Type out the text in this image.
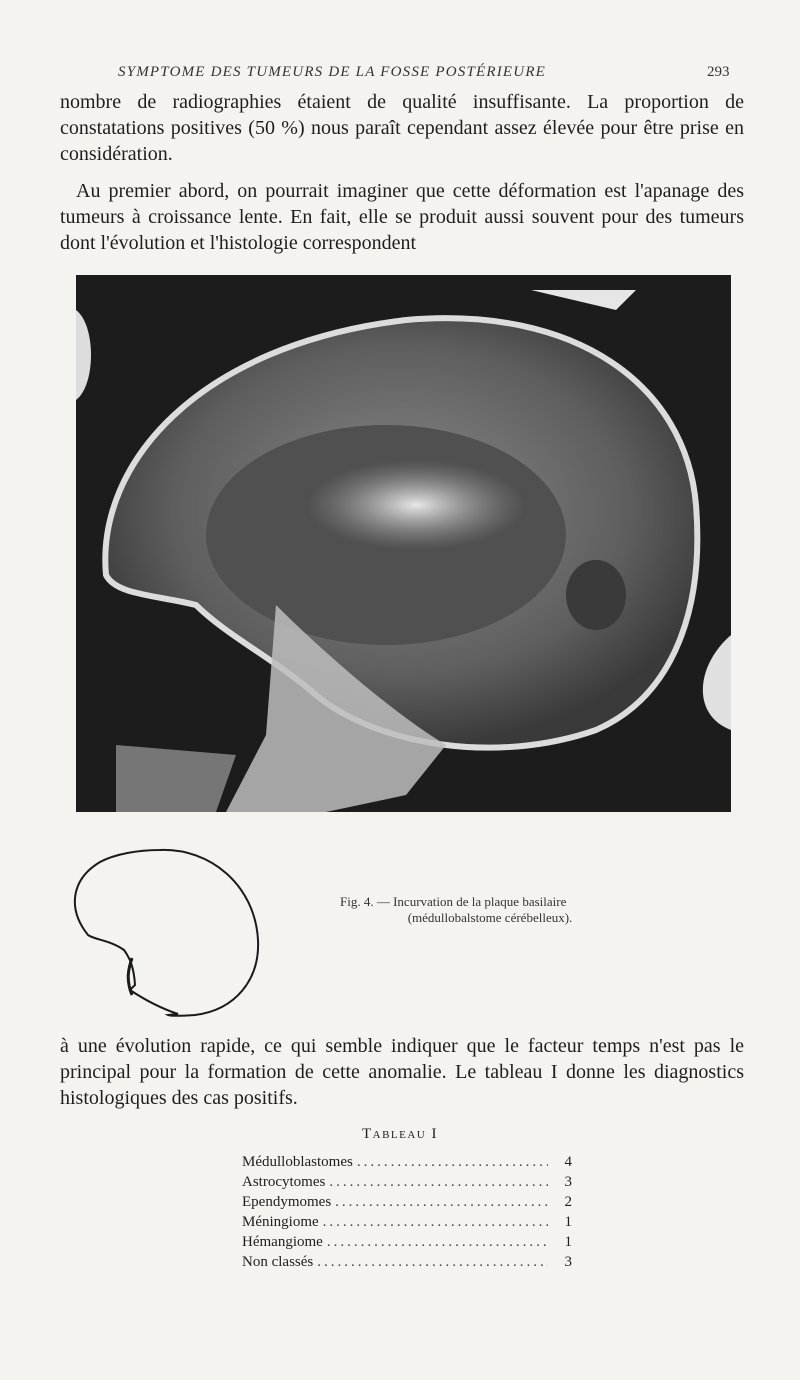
SYMPTOME DES TUMEURS DE LA FOSSE POSTÉRIEURE	293

nombre de radiographies étaient de qualité insuffisante. La proportion de constatations positives (50 %) nous paraît cependant assez élevée pour être prise en considération.

Au premier abord, on pourrait imaginer que cette déformation est l'apanage des tumeurs à croissance lente. En fait, elle se produit aussi souvent pour des tumeurs dont l'évolution et l'histologie correspondent

Fig. 4. — Incurvation de la plaque basilaire
(médullobalstome cérébelleux).

à une évolution rapide, ce qui semble indiquer que le facteur temps n'est pas le principal pour la formation de cette anomalie. Le tableau I donne les diagnostics histologiques des cas positifs.

Tableau I
Médulloblastomes .....	4
Astrocytomes .....	3
Ependymomes .....	2
Méningiome .....	1
Hémangiome .....	1
Non classés .....	3
